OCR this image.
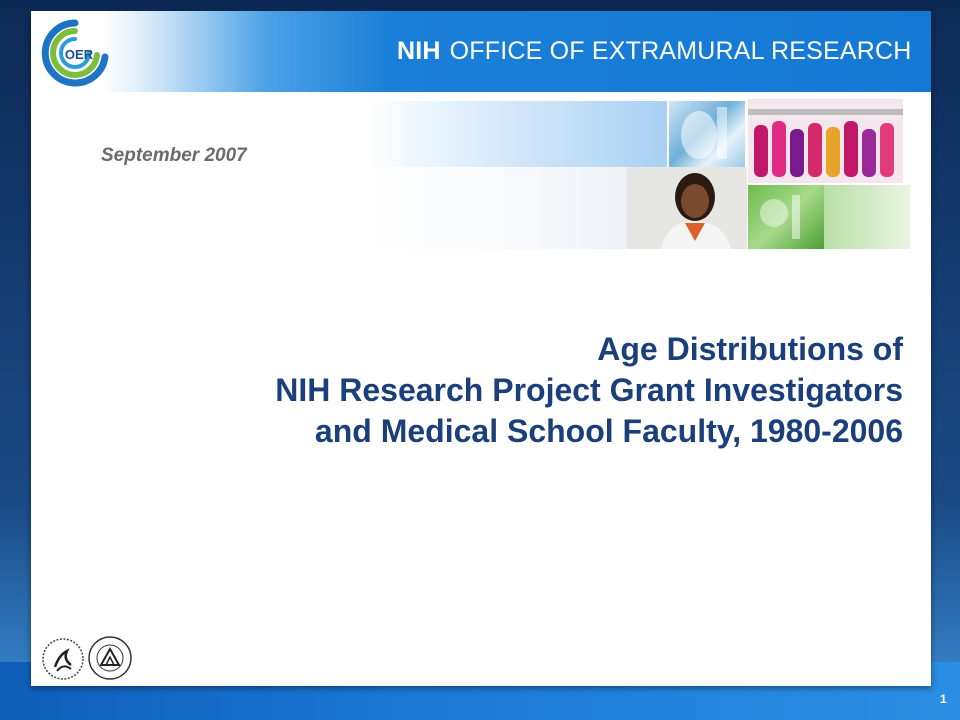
OER	NIH OFFICE OF EXTRAMURAL RESEARCH
September 2007
Age Distributions of
NIH Research Project Grant Investigators
and Medical School Faculty, 1980-2006
1
